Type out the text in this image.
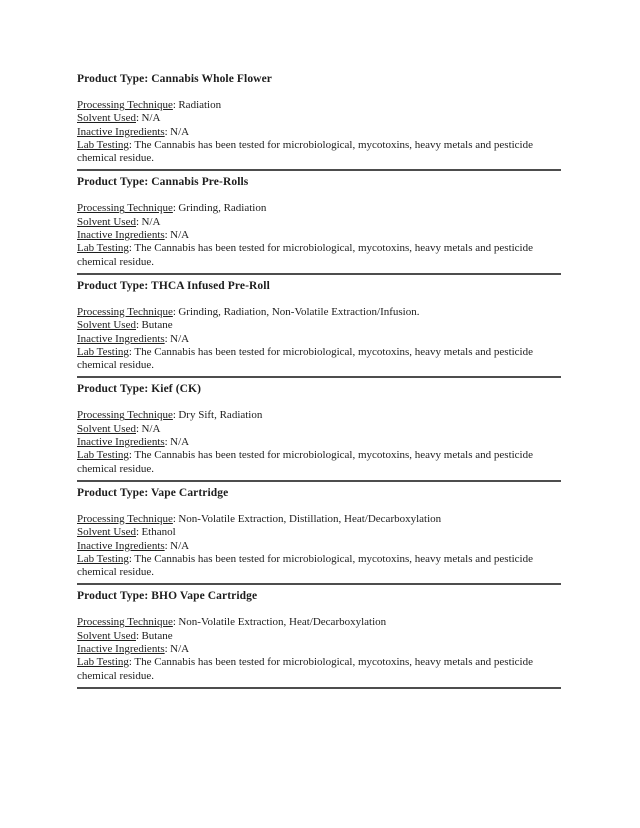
Product Type: Cannabis Whole Flower
Processing Technique: Radiation
Solvent Used: N/A
Inactive Ingredients: N/A
Lab Testing: The Cannabis has been tested for microbiological, mycotoxins, heavy metals and pesticide chemical residue.
Product Type: Cannabis Pre-Rolls
Processing Technique: Grinding, Radiation
Solvent Used: N/A
Inactive Ingredients: N/A
Lab Testing: The Cannabis has been tested for microbiological, mycotoxins, heavy metals and pesticide chemical residue.
Product Type: THCA Infused Pre-Roll
Processing Technique: Grinding, Radiation, Non-Volatile Extraction/Infusion.
Solvent Used: Butane
Inactive Ingredients: N/A
Lab Testing: The Cannabis has been tested for microbiological, mycotoxins, heavy metals and pesticide chemical residue.
Product Type: Kief (CK)
Processing Technique: Dry Sift, Radiation
Solvent Used: N/A
Inactive Ingredients: N/A
Lab Testing: The Cannabis has been tested for microbiological, mycotoxins, heavy metals and pesticide chemical residue.
Product Type: Vape Cartridge
Processing Technique: Non-Volatile Extraction, Distillation, Heat/Decarboxylation
Solvent Used: Ethanol
Inactive Ingredients: N/A
Lab Testing: The Cannabis has been tested for microbiological, mycotoxins, heavy metals and pesticide chemical residue.
Product Type: BHO Vape Cartridge
Processing Technique: Non-Volatile Extraction, Heat/Decarboxylation
Solvent Used: Butane
Inactive Ingredients: N/A
Lab Testing: The Cannabis has been tested for microbiological, mycotoxins, heavy metals and pesticide chemical residue.
